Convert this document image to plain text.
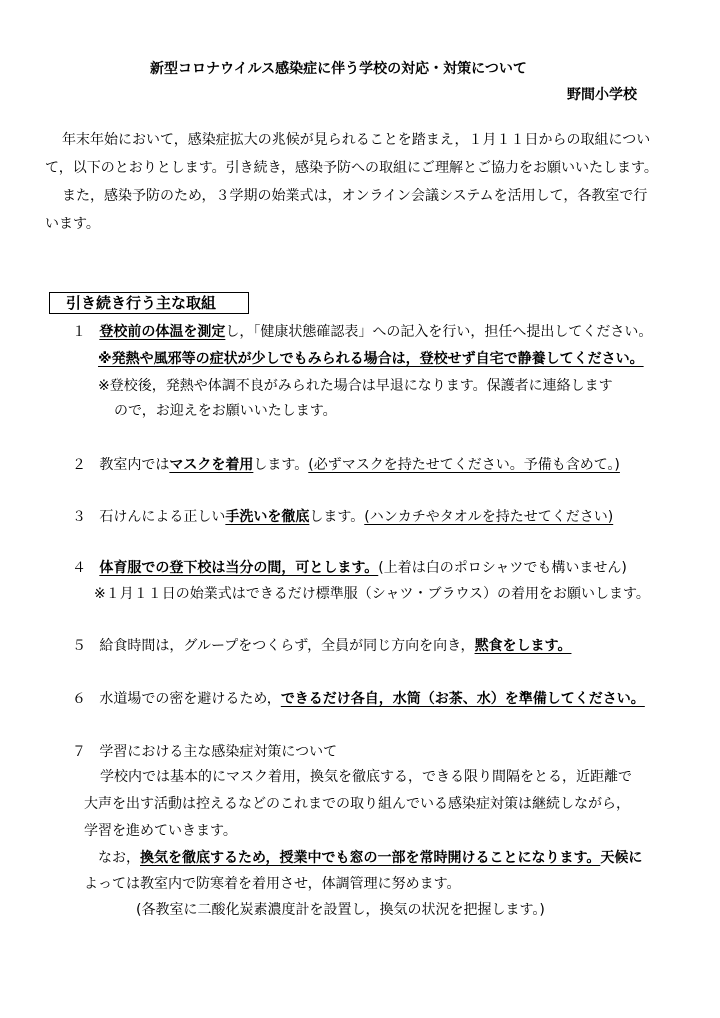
新型コロナウイルス感染症に伴う学校の対応・対策について
野間小学校
年末年始において，感染症拡大の兆候が見られることを踏まえ，１月１１日からの取組につい
て，以下のとおりとします。引き続き，感染予防への取組にご理解とご協力をお願いいたします。
また，感染予防のため，３学期の始業式は，オンライン会議システムを活用して，各教室で行
います。
引き続き行う主な取組
１ 登校前の体温を測定し，「健康状態確認表」への記入を行い，担任へ提出してください。
※発熱や風邪等の症状が少しでもみられる場合は，登校せず自宅で静養してください。
※登校後，発熱や体調不良がみられた場合は早退になります。保護者に連絡します
ので，お迎えをお願いいたします。
２ 教室内ではマスクを着用します。(必ずマスクを持たせてください。予備も含めて。)
３ 石けんによる正しい手洗いを徹底します。(ハンカチやタオルを持たせてください)
４ 体育服での登下校は当分の間，可とします。(上着は白のポロシャツでも構いません)
※１月１１日の始業式はできるだけ標準服（シャツ・ブラウス）の着用をお願いします。
５ 給食時間は，グループをつくらず，全員が同じ方向を向き，黙食をします。
６ 水道場での密を避けるため，できるだけ各自，水筒（お茶、水）を準備してください。
７ 学習における主な感染症対策について
学校内では基本的にマスク着用，換気を徹底する，できる限り間隔をとる，近距離で
大声を出す活動は控えるなどのこれまでの取り組んでいる感染症対策は継続しながら，
学習を進めていきます。
なお，換気を徹底するため，授業中でも窓の一部を常時開けることになります。天候に
よっては教室内で防寒着を着用させ，体調管理に努めます。
(各教室に二酸化炭素濃度計を設置し，換気の状況を把握します。)
